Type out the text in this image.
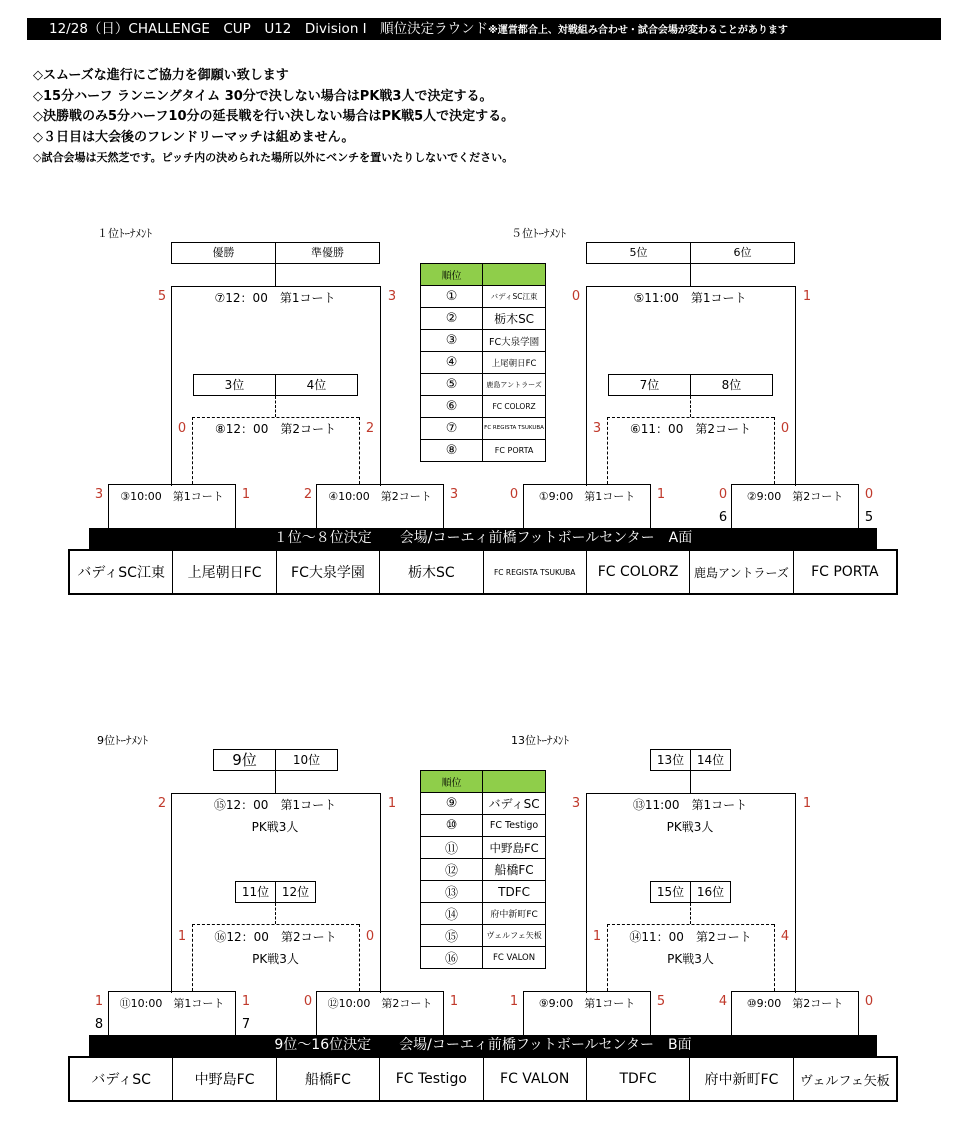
12/28（日）CHALLENGE　CUP　U12　Division Ⅰ　順位決定ラウンド※運営都合上、対戦組み合わせ・試合会場が変わることがあります
◇スムーズな進行にご協力を御願い致します
◇15分ハーフ ランニングタイム 30分で決しない場合はPK戦3人で決定する。
◇決勝戦のみ5分ハーフ10分の延長戦を行い決しない場合はPK戦5人で決定する。
◇３日目は大会後のフレンドリーマッチは組めません。
◇試合会場は天然芝です。ピッチ内の決められた場所以外にベンチを置いたりしないでください。
１位ﾄｰﾅﾒﾝﾄ
優勝	準優勝
⑦12：00　第1コート
5	3
3位	4位
⑧12：00　第2コート
0	2
③10:00　第1コート
3	1	④10:00　第2コート
2	3
順位	
①	バディSC江東
②	栃木SC
③	FC大泉学園
④	上尾朝日FC
⑤	鹿島アントラーズ
⑥	FC COLORZ
⑦	FC REGISTA TSUKUBA
⑧	FC PORTA
５位ﾄｰﾅﾒﾝﾄ
5位	6位
⑤11:00　第1コート
0	1
7位	8位
⑥11：00　第2コート
3	0
①9:00　第1コート
0	1	②9:00　第2コート
0	0
6	5
１位～８位決定　　会場/コーエィ前橋フットボールセンター　A面
バディSC江東	上尾朝日FC	FC大泉学園	栃木SC	FC REGISTA TSUKUBA	FC COLORZ	鹿島アントラーズ	FC PORTA
9位ﾄｰﾅﾒﾝﾄ
9位	10位
⑮12：00　第1コート
PK戦3人
2	1
11位	12位
⑯12：00　第2コート
PK戦3人
1	0
⑪10:00　第1コート
1	1
8	7
⑫10:00　第2コート
0	1
順位	
⑨	バディSC
⑩	FC Testigo
⑪	中野島FC
⑫	船橋FC
⑬	TDFC
⑭	府中新町FC
⑮	ヴェルフェ矢板
⑯	FC VALON
13位ﾄｰﾅﾒﾝﾄ
13位	14位
⑬11:00　第1コート
PK戦3人
3	1
15位	16位
⑭11：00　第2コート
PK戦3人
1	4
⑨9:00　第1コート
1	5	⑩9:00　第2コート
4	0
9位～16位決定　　会場/コーエィ前橋フットボールセンター　B面
バディSC	中野島FC	船橋FC	FC Testigo	FC VALON	TDFC	府中新町FC	ヴェルフェ矢板
